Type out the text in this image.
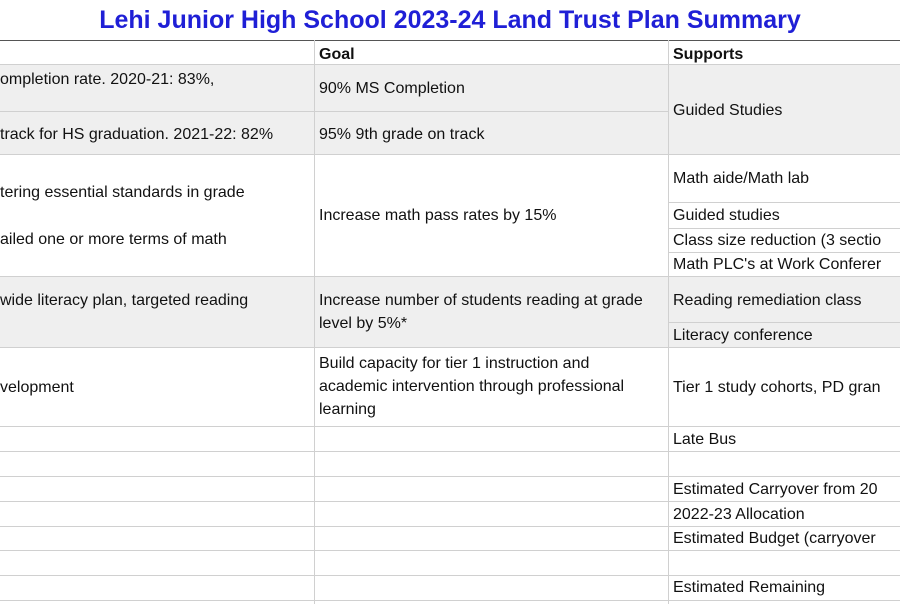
Lehi Junior High School 2023-24 Land Trust Plan Summary
Goal	Supports
ompletion rate. 2020-21: 83%,
track for HS graduation. 2021-22: 82%
tering essential standards in grade
ailed one or more terms of math
wide literacy plan, targeted reading
velopment
90% MS Completion
95% 9th grade on track
Increase math pass rates by 15%
Increase number of students reading at grade level by 5%*
Build capacity for tier 1 instruction and academic intervention through professional learning
Guided Studies
Math aide/Math lab
Guided studies
Class size reduction (3 sectio
Math PLC's at Work Conferer
Reading remediation class
Literacy conference
Tier 1 study cohorts, PD gran
Late Bus
Estimated Carryover from 20
2022-23 Allocation
Estimated Budget (carryover
Estimated Remaining
